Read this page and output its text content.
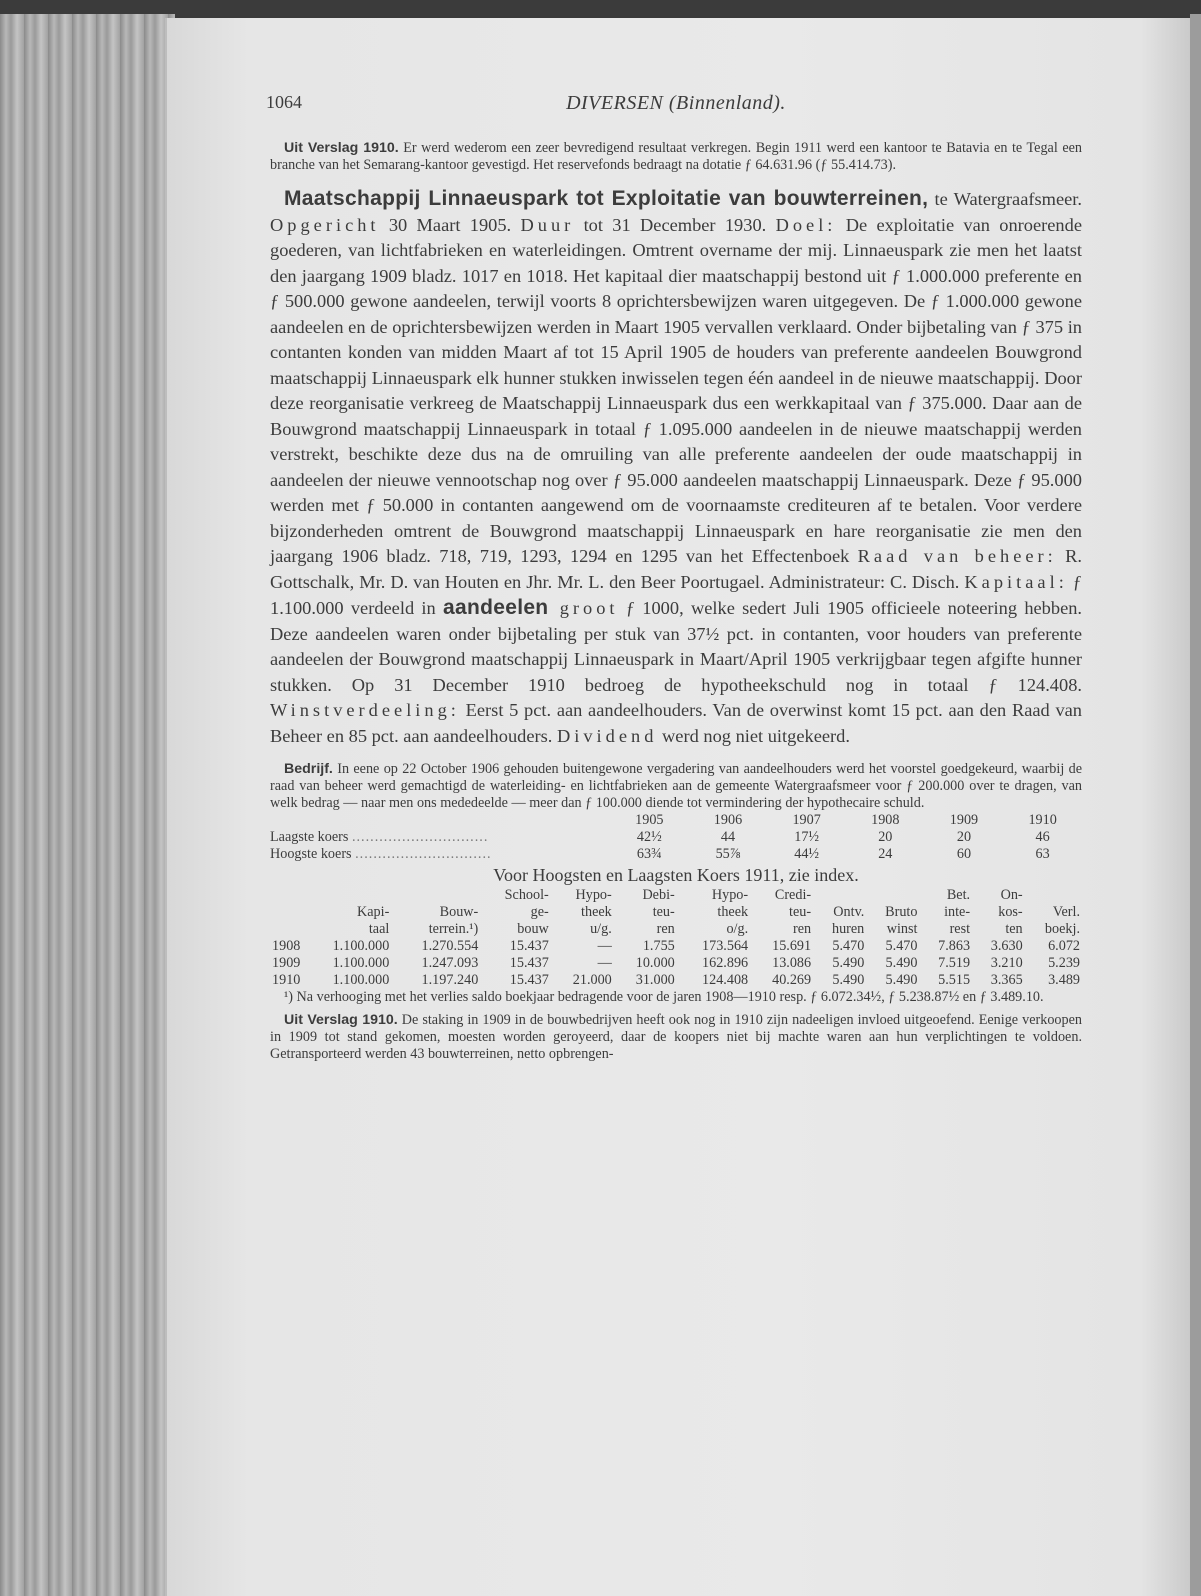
1064	DIVERSEN (Binnenland).

Uit Verslag 1910. Er werd wederom een zeer bevredigend resultaat verkregen. Begin 1911 werd een kantoor te Batavia en te Tegal een branche van het Semarang-kantoor gevestigd. Het reservefonds bedraagt na dotatie ƒ 64.631.96 (ƒ 55.414.73).

Maatschappij Linnaeuspark tot Exploitatie van bouwterreinen, te Watergraafsmeer. Opgericht 30 Maart 1905. Duur tot 31 December 1930. Doel: De exploitatie van onroerende goederen, van lichtfabrieken en waterleidingen. Omtrent overname der mij. Linnaeuspark zie men het laatst den jaargang 1909 bladz. 1017 en 1018. Het kapitaal dier maatschappij bestond uit ƒ 1.000.000 preferente en ƒ 500.000 gewone aandeelen, terwijl voorts 8 oprichtersbewijzen waren uitgegeven. De ƒ 1.000.000 gewone aandeelen en de oprichtersbewijzen werden in Maart 1905 vervallen verklaard. Onder bijbetaling van ƒ 375 in contanten konden van midden Maart af tot 15 April 1905 de houders van preferente aandeelen Bouwgrond maatschappij Linnaeuspark elk hunner stukken inwisselen tegen één aandeel in de nieuwe maatschappij. Door deze reorganisatie verkreeg de Maatschappij Linnaeuspark dus een werkkapitaal van ƒ 375.000. Daar aan de Bouwgrond maatschappij Linnaeuspark in totaal ƒ 1.095.000 aandeelen in de nieuwe maatschappij werden verstrekt, beschikte deze dus na de omruiling van alle preferente aandeelen der oude maatschappij in aandeelen der nieuwe vennootschap nog over ƒ 95.000 aandeelen maatschappij Linnaeuspark. Deze ƒ 95.000 werden met ƒ 50.000 in contanten aangewend om de voornaamste crediteuren af te betalen. Voor verdere bijzonderheden omtrent de Bouwgrond maatschappij Linnaeuspark en hare reorganisatie zie men den jaargang 1906 bladz. 718, 719, 1293, 1294 en 1295 van het Effectenboek Raad van beheer: R. Gottschalk, Mr. D. van Houten en Jhr. Mr. L. den Beer Poortugael. Administrateur: C. Disch. Kapitaal: ƒ 1.100.000 verdeeld in aandeelen groot ƒ 1000, welke sedert Juli 1905 officieele noteering hebben. Deze aandeelen waren onder bijbetaling per stuk van 37½ pct. in contanten, voor houders van preferente aandeelen der Bouwgrond maatschappij Linnaeuspark in Maart/April 1905 verkrijgbaar tegen afgifte hunner stukken. Op 31 December 1910 bedroeg de hypotheekschuld nog in totaal ƒ 124.408. Winstverdeeling: Eerst 5 pct. aan aandeelhouders. Van de overwinst komt 15 pct. aan den Raad van Beheer en 85 pct. aan aandeelhouders. Dividend werd nog niet uitgekeerd.

Bedrijf. In eene op 22 October 1906 gehouden buitengewone vergadering van aandeelhouders werd het voorstel goedgekeurd, waarbij de raad van beheer werd gemachtigd de waterleiding- en lichtfabrieken aan de gemeente Watergraafsmeer voor ƒ 200.000 over te dragen, van welk bedrag — naar men ons mededeelde — meer dan ƒ 100.000 diende tot vermindering der hypothecaire schuld.

	1905	1906	1907	1908	1909	1910
Laagste koers ..............................	42½	44	17½	20	20	46
Hoogste koers ..............................	63¾	55⅞	44½	24	60	63
Voor Hoogsten en Laagsten Koers 1911, zie index.
			School-	Hypo-	Debi-	Hypo-	Credi-			Bet.	On-	
	Kapi-	Bouw-	ge-	theek	teu-	theek	teu-	Ontv.	Bruto	inte-	kos-	Verl.
	taal	terrein.¹)	bouw	u/g.	ren	o/g.	ren	huren	winst	rest	ten	boekj.
1908	1.100.000	1.270.554	15.437	—	1.755	173.564	15.691	5.470	5.470	7.863	3.630	6.072
1909	1.100.000	1.247.093	15.437	—	10.000	162.896	13.086	5.490	5.490	7.519	3.210	5.239
1910	1.100.000	1.197.240	15.437	21.000	31.000	124.408	40.269	5.490	5.490	5.515	3.365	3.489

¹) Na verhooging met het verlies saldo boekjaar bedragende voor de jaren 1908—1910 resp. ƒ 6.072.34½, ƒ 5.238.87½ en ƒ 3.489.10.

Uit Verslag 1910. De staking in 1909 in de bouwbedrijven heeft ook nog in 1910 zijn nadeeligen invloed uitgeoefend. Eenige verkoopen in 1909 tot stand gekomen, moesten worden geroyeerd, daar de koopers niet bij machte waren aan hun verplichtingen te voldoen. Getransporteerd werden 43 bouwterreinen, netto opbrengen-
